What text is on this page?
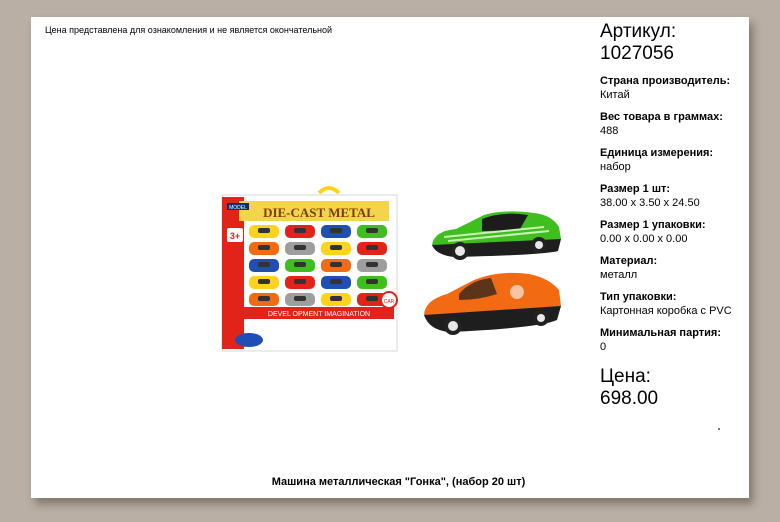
Цена представлена для ознакомления и не является окончательной
MODEL DIE-CAST METAL
3+
DEVEL OPMENT IMAGINATION
CAR
Артикул:
1027056
Страна производитель:
Китай
Вес товара в граммах:
488
Единица измерения:
набор
Размер 1 шт:
38.00 x 3.50 x 24.50
Размер 1 упаковки:
0.00 x 0.00 x 0.00
Материал:
металл
Тип упаковки:
Картонная коробка с PVC
Минимальная партия:
0
Цена:
698.00
Машина металлическая "Гонка", (набор 20 шт)
